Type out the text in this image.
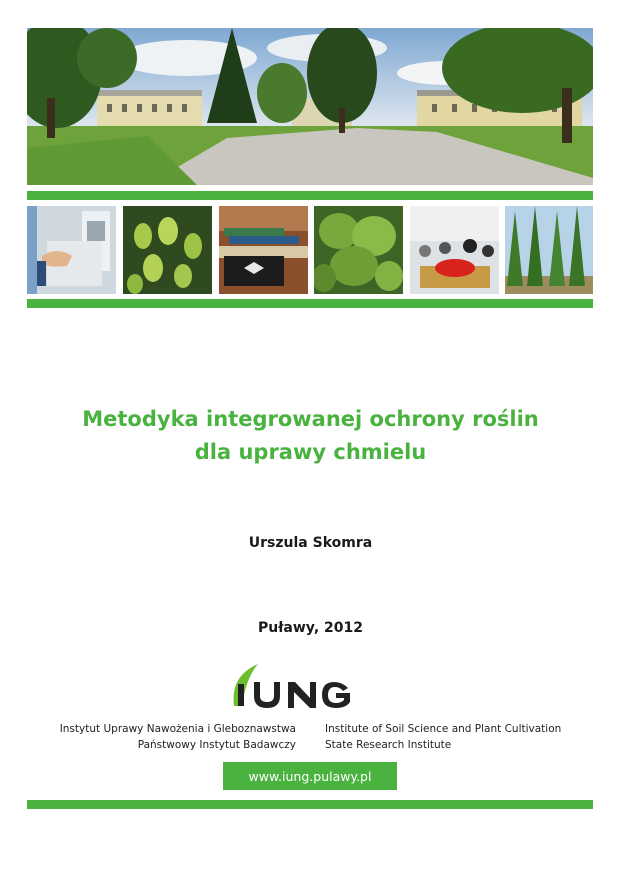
Metodyka integrowanej ochrony roślin
dla uprawy chmielu
Urszula Skomra
Puławy, 2012
Instytut Uprawy Nawożenia i Gleboznawstwa
Państwowy Instytut Badawczy
Institute of Soil Science and Plant Cultivation
State Research Institute
www.iung.pulawy.pl
